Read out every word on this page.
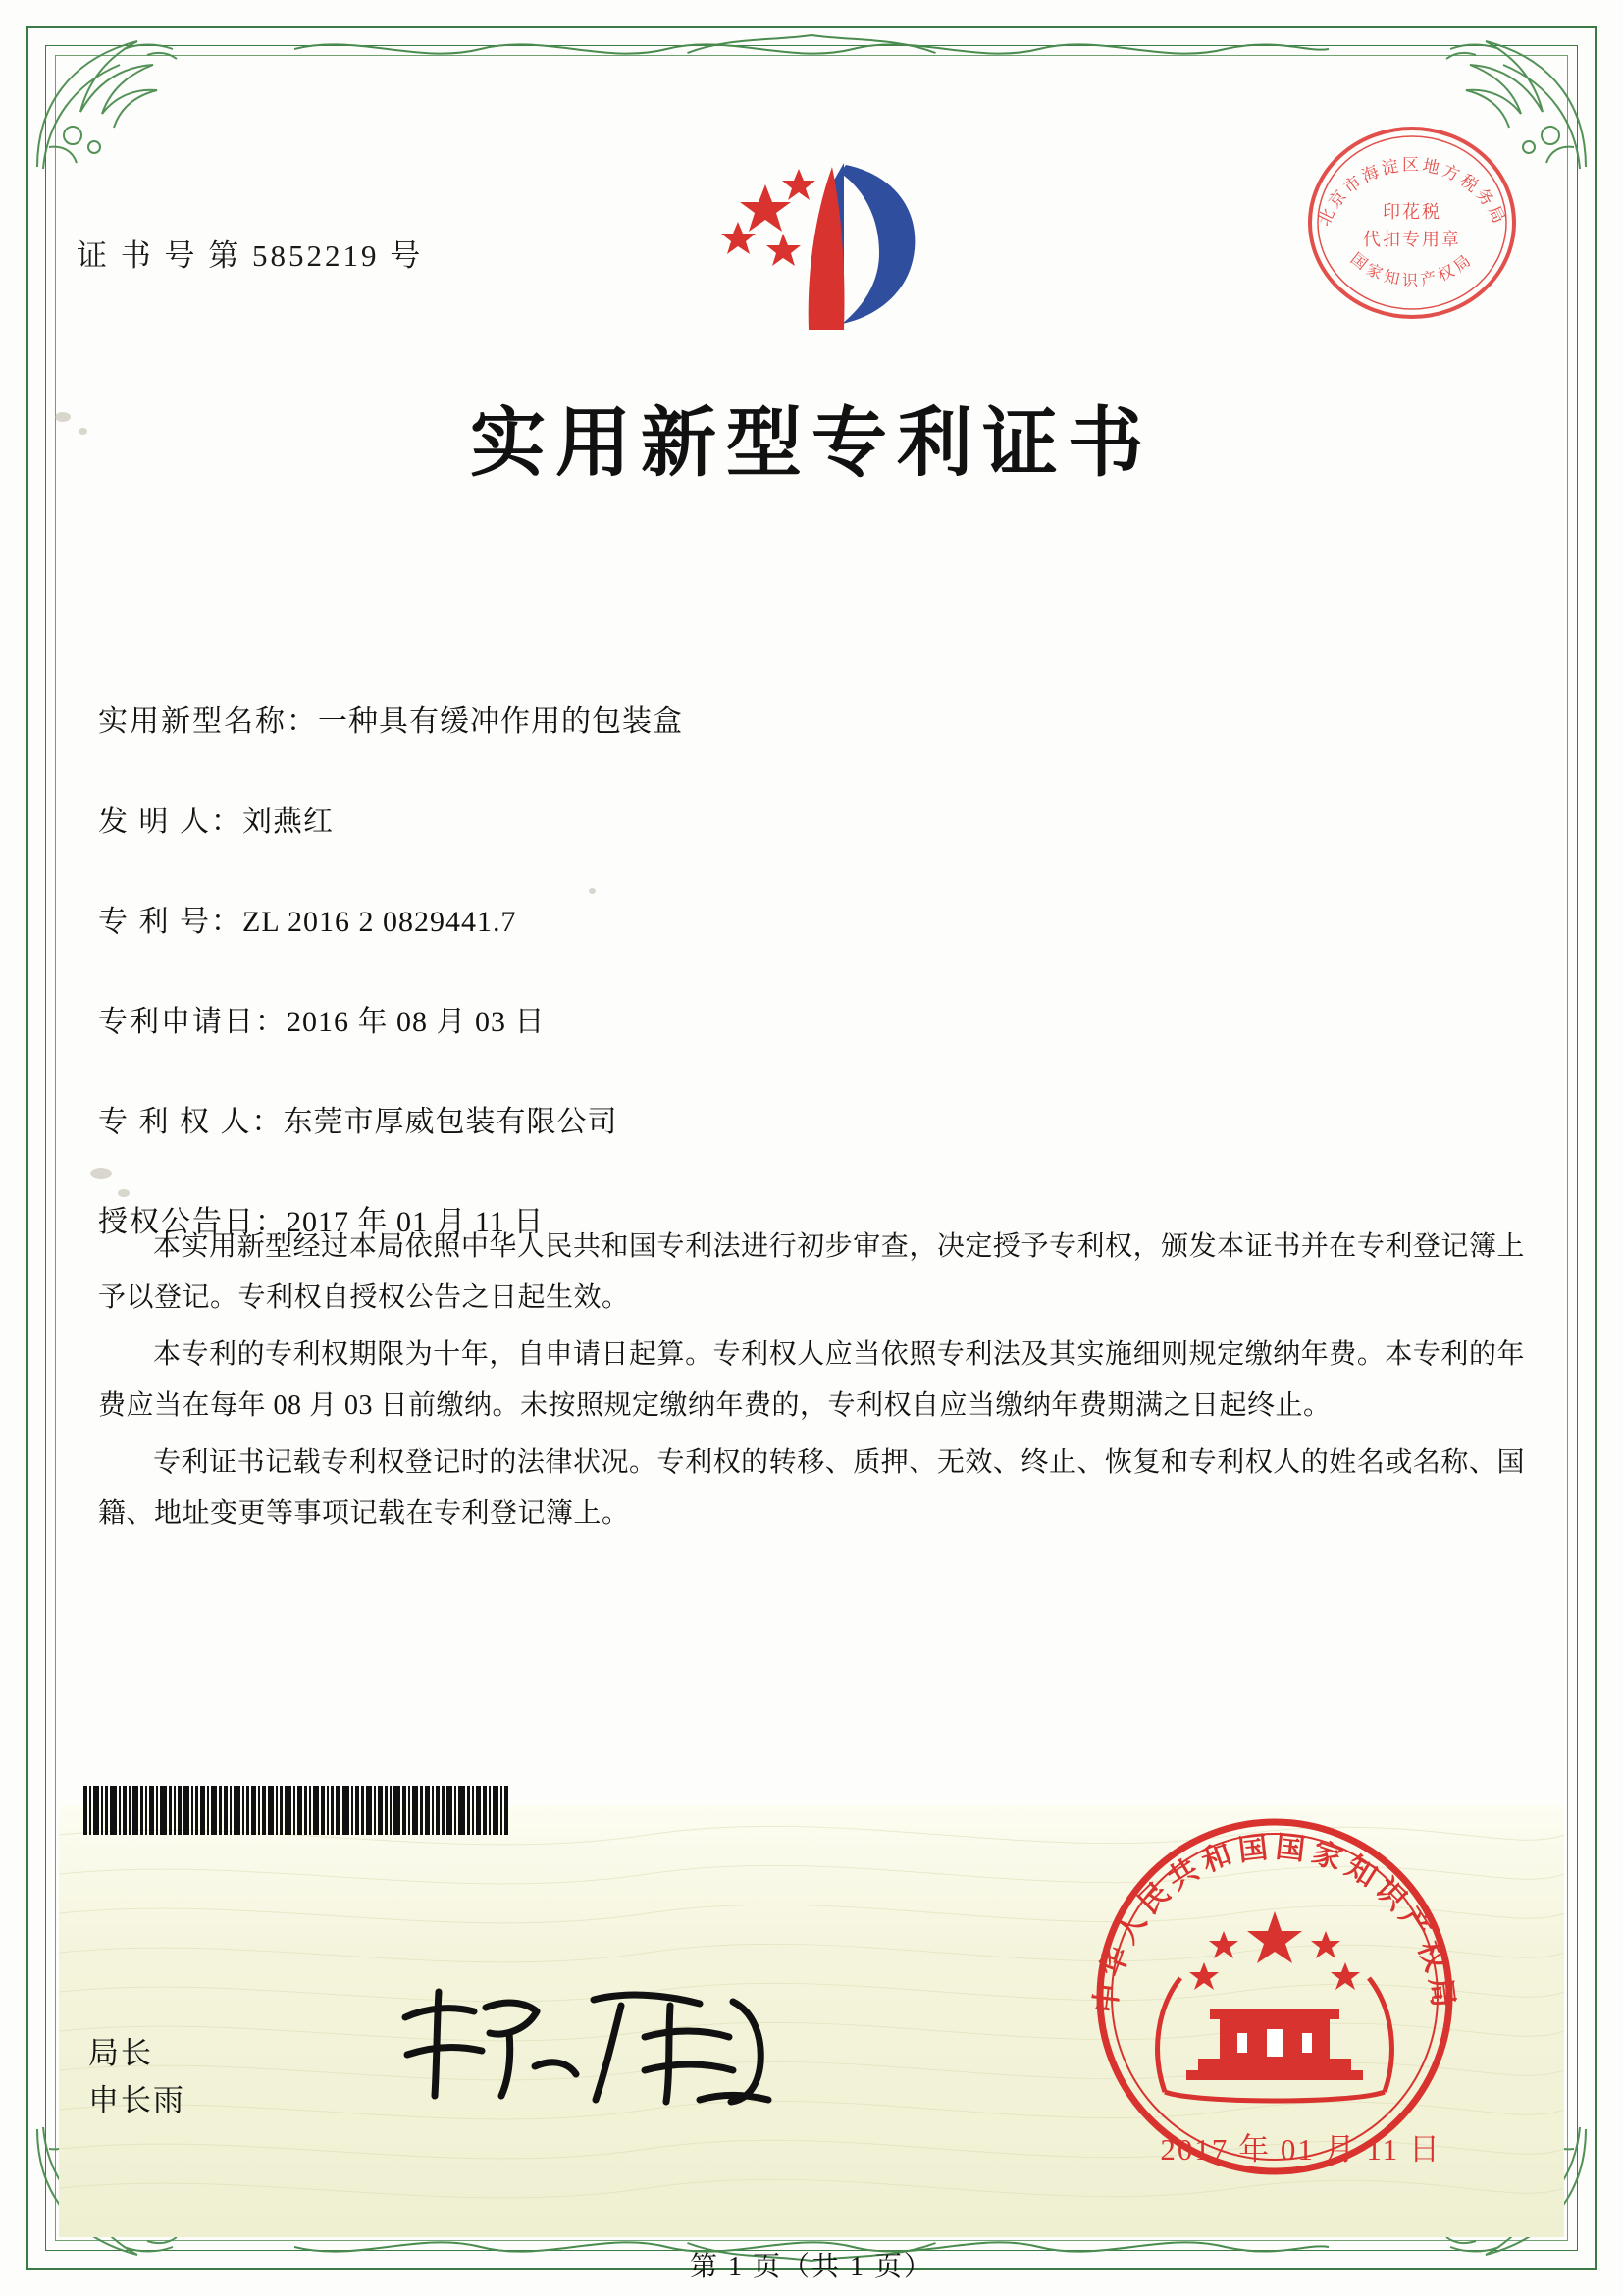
证 书 号 第 5852219 号
北京市海淀区地方税务局
国家知识产权局
印花税
代扣专用章
实用新型专利证书
实用新型名称：一种具有缓冲作用的包装盒
发 明 人：刘燕红
专 利 号：ZL 2016 2 0829441.7
专利申请日：2016 年 08 月 03 日
专 利 权 人：东莞市厚威包装有限公司
授权公告日：2017 年 01 月 11 日

本实用新型经过本局依照中华人民共和国专利法进行初步审查，决定授予专利权，颁发本证书并在专利登记簿上予以登记。专利权自授权公告之日起生效。

本专利的专利权期限为十年，自申请日起算。专利权人应当依照专利法及其实施细则规定缴纳年费。本专利的年费应当在每年 08 月 03 日前缴纳。未按照规定缴纳年费的，专利权自应当缴纳年费期满之日起终止。

专利证书记载专利权登记时的法律状况。专利权的转移、质押、无效、终止、恢复和专利权人的姓名或名称、国籍、地址变更等事项记载在专利登记簿上。

局长
申长雨
中华人民共和国国家知识产权局
2017 年 01 月 11 日
第 1 页（共 1 页）
